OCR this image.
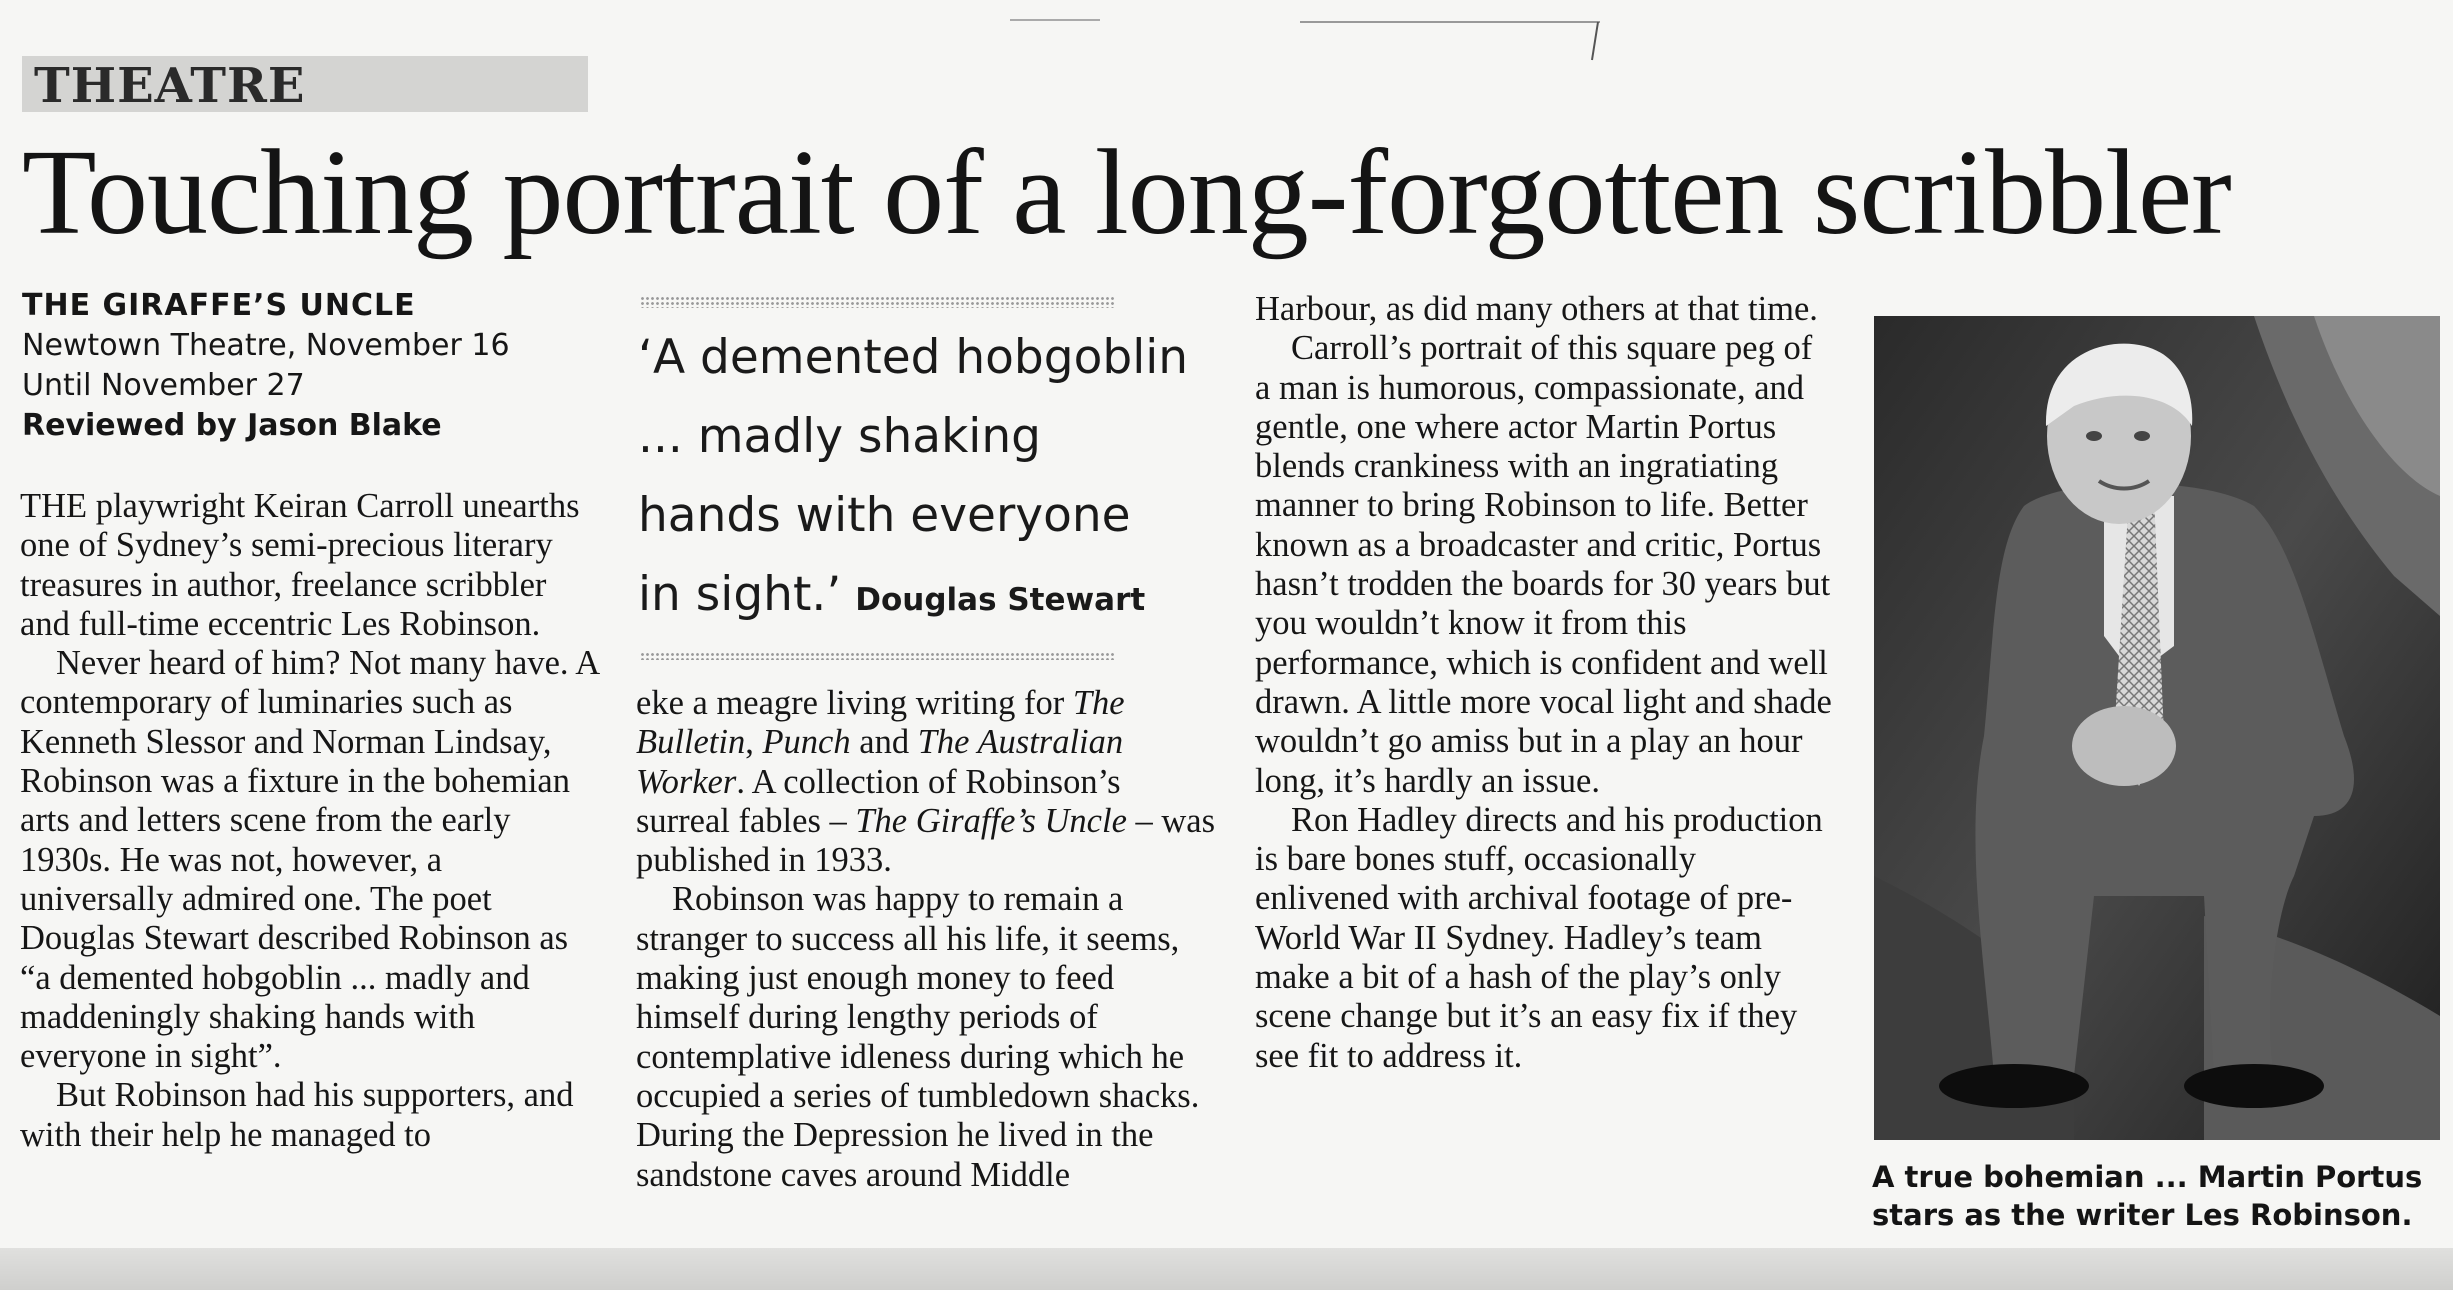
THEATRE
Touching portrait of a long-forgotten scribbler
THE GIRAFFE’S UNCLE
Newtown Theatre, November 16
Until November 27
Reviewed by Jason Blake

THE playwright Keiran Carroll unearths one of Sydney’s semi-precious literary treasures in author, freelance scribbler and full-time eccentric Les Robinson.

Never heard of him? Not many have. A contemporary of luminaries such as Kenneth Slessor and Norman Lindsay, Robinson was a fixture in the bohemian arts and letters scene from the early 1930s. He was not, however, a universally admired one. The poet Douglas Stewart described Robinson as “a demented hobgoblin ... madly and maddeningly shaking hands with everyone in sight”.

But Robinson had his supporters, and with their help he managed to

‘A demented hobgoblin
... madly shaking
hands with everyone
in sight.’ Douglas Stewart

eke a meagre living writing for The Bulletin, Punch and The Australian Worker. A collection of Robinson’s surreal fables – The Giraffe’s Uncle – was published in 1933.

Robinson was happy to remain a stranger to success all his life, it seems, making just enough money to feed himself during lengthy periods of contemplative idleness during which he occupied a series of tumbledown shacks. During the Depression he lived in the sandstone caves around Middle

Harbour, as did many others at that time.

Carroll’s portrait of this square peg of a man is humorous, compassionate, and gentle, one where actor Martin Portus blends crankiness with an ingratiating manner to bring Robinson to life. Better known as a broadcaster and critic, Portus hasn’t trodden the boards for 30 years but you wouldn’t know it from this performance, which is confident and well drawn. A little more vocal light and shade wouldn’t go amiss but in a play an hour long, it’s hardly an issue.

Ron Hadley directs and his production is bare bones stuff, occasionally enlivened with archival footage of pre-World War II Sydney. Hadley’s team make a bit of a hash of the play’s only scene change but it’s an easy fix if they see fit to address it.

A true bohemian ... Martin Portus
stars as the writer Les Robinson.
